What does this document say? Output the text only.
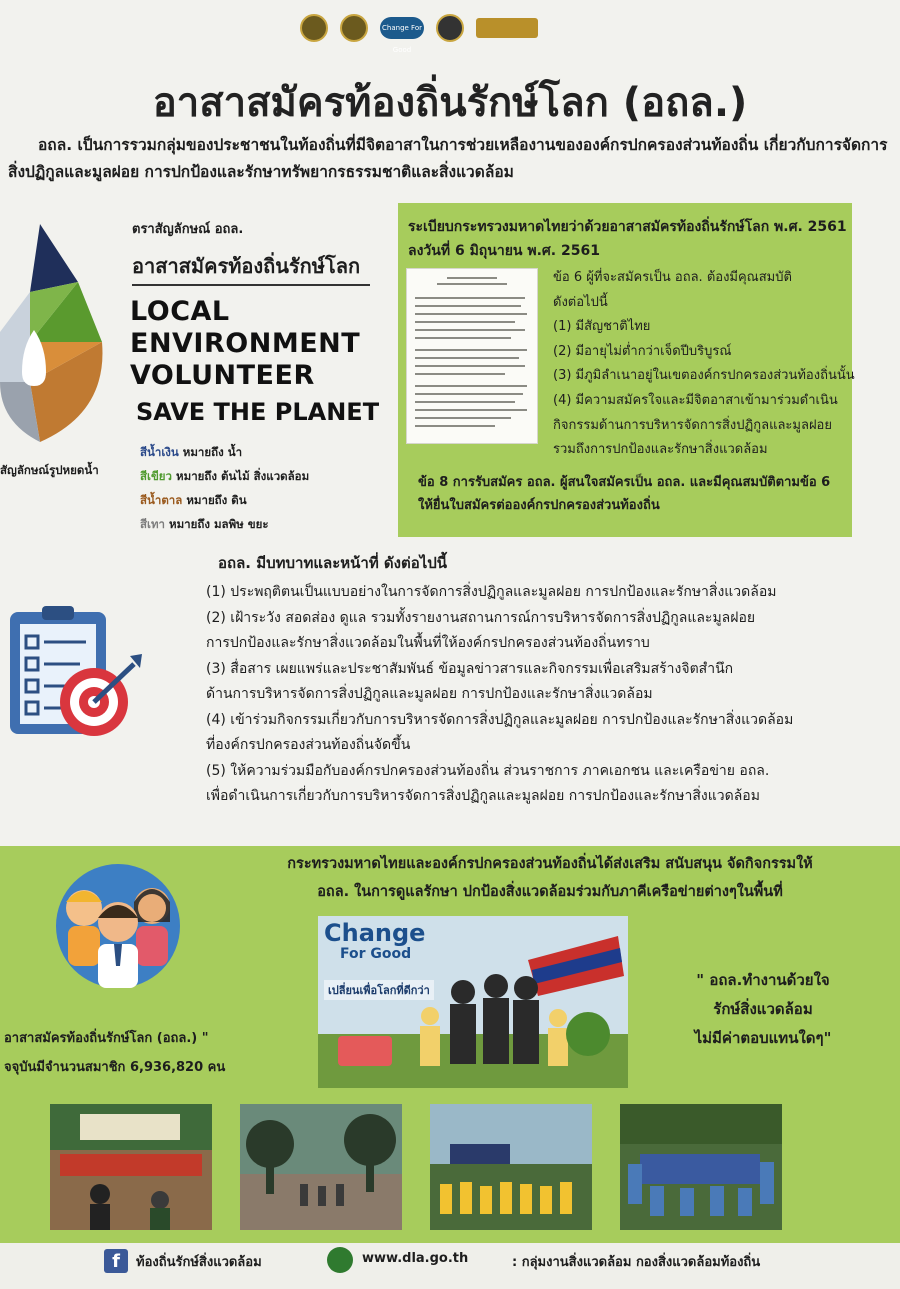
Change For Good
อาสาสมัครท้องถิ่นรักษ์โลก (อถล.)
อถล. เป็นการรวมกลุ่มของประชาชนในท้องถิ่นที่มีจิตอาสาในการช่วยเหลืองานขององค์กรปกครองส่วนท้องถิ่น เกี่ยวกับการจัดการสิ่งปฏิกูลและมูลฝอย การปกป้องและรักษาทรัพยากรธรรมชาติและสิ่งแวดล้อม
ตราสัญลักษณ์ อถล.
อาสาสมัครท้องถิ่นรักษ์โลก
LOCAL
ENVIRONMENT
VOLUNTEER
SAVE THE PLANET
สัญลักษณ์รูปหยดน้ำ
สีน้ำเงิน หมายถึง น้ำ
สีเขียว หมายถึง ต้นไม้ สิ่งแวดล้อม
สีน้ำตาล หมายถึง ดิน
สีเทา หมายถึง มลพิษ ขยะ
ระเบียบกระทรวงมหาดไทยว่าด้วยอาสาสมัครท้องถิ่นรักษ์โลก พ.ศ. 2561
ลงวันที่ 6 มิถุนายน พ.ศ. 2561
ข้อ 6 ผู้ที่จะสมัครเป็น อถล. ต้องมีคุณสมบัติ
ดังต่อไปนี้
(1) มีสัญชาติไทย
(2) มีอายุไม่ต่ำกว่าเจ็ดปีบริบูรณ์
(3) มีภูมิลำเนาอยู่ในเขตองค์กรปกครองส่วนท้องถิ่นนั้น
(4) มีความสมัครใจและมีจิตอาสาเข้ามาร่วมดำเนิน
กิจกรรมด้านการบริหารจัดการสิ่งปฏิกูลและมูลฝอย
รวมถึงการปกป้องและรักษาสิ่งแวดล้อม
ข้อ 8 การรับสมัคร อถล. ผู้สนใจสมัครเป็น อถล. และมีคุณสมบัติตามข้อ 6
ให้ยื่นใบสมัครต่อองค์กรปกครองส่วนท้องถิ่น
อถล. มีบทบาทและหน้าที่ ดังต่อไปนี้
(1) ประพฤติตนเป็นแบบอย่างในการจัดการสิ่งปฏิกูลและมูลฝอย การปกป้องและรักษาสิ่งแวดล้อม
(2) เฝ้าระวัง สอดส่อง ดูแล รวมทั้งรายงานสถานการณ์การบริหารจัดการสิ่งปฏิกูลและมูลฝอย
การปกป้องและรักษาสิ่งแวดล้อมในพื้นที่ให้องค์กรปกครองส่วนท้องถิ่นทราบ
(3) สื่อสาร เผยแพร่และประชาสัมพันธ์ ข้อมูลข่าวสารและกิจกรรมเพื่อเสริมสร้างจิตสำนึก
ด้านการบริหารจัดการสิ่งปฏิกูลและมูลฝอย การปกป้องและรักษาสิ่งแวดล้อม
(4) เข้าร่วมกิจกรรมเกี่ยวกับการบริหารจัดการสิ่งปฏิกูลและมูลฝอย การปกป้องและรักษาสิ่งแวดล้อม
ที่องค์กรปกครองส่วนท้องถิ่นจัดขึ้น
(5) ให้ความร่วมมือกับองค์กรปกครองส่วนท้องถิ่น ส่วนราชการ ภาคเอกชน และเครือข่าย อถล.
เพื่อดำเนินการเกี่ยวกับการบริหารจัดการสิ่งปฏิกูลและมูลฝอย การปกป้องและรักษาสิ่งแวดล้อม
กระทรวงมหาดไทยและองค์กรปกครองส่วนท้องถิ่นได้ส่งเสริม สนับสนุน จัดกิจกรรมให้
อถล. ในการดูแลรักษา ปกป้องสิ่งแวดล้อมร่วมกับภาคีเครือข่ายต่างๆในพื้นที่
อาสาสมัครท้องถิ่นรักษ์โลก (อถล.) "
จจุบันมีจำนวนสมาชิก 6,936,820 คน
Change
For Good
เปลี่ยนเพื่อโลกที่ดีกว่า
" อถล.ทำงานด้วยใจ
รักษ์สิ่งแวดล้อม
ไม่มีค่าตอบแทนใดๆ"
ท้องถิ่นรักษ์สิ่งแวดล้อม	www.dla.go.th	: กลุ่มงานสิ่งแวดล้อม กองสิ่งแวดล้อมท้องถิ่น
f
